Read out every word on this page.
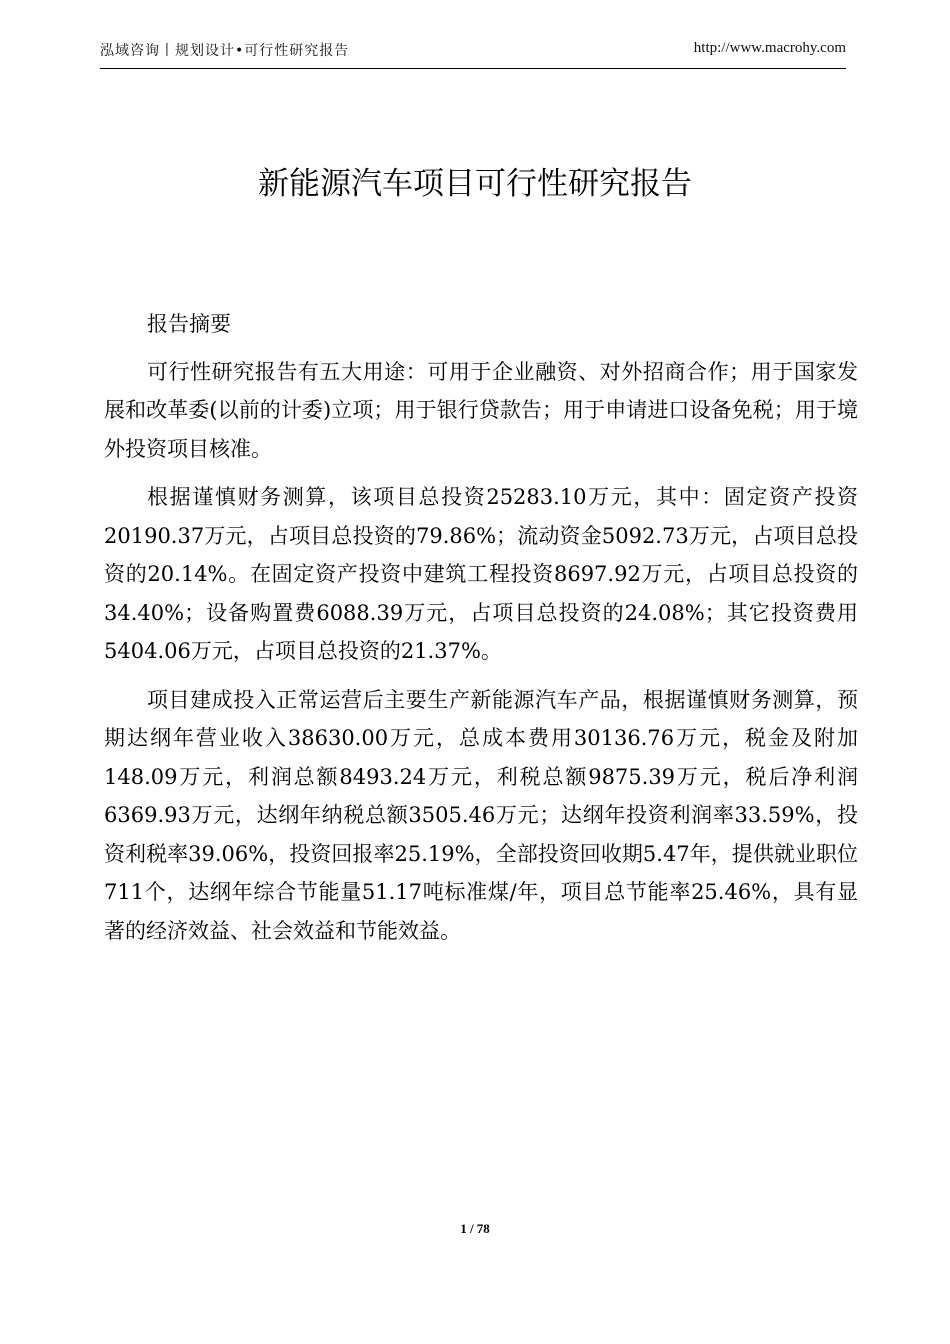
泓域咨询丨规划设计•可行性研究报告	http://www.macrohy.com
新能源汽车项目可行性研究报告

报告摘要

可行性研究报告有五大用途：可用于企业融资、对外招商合作；用于国家发展和改革委(以前的计委)立项；用于银行贷款告；用于申请进口设备免税；用于境外投资项目核准。

根据谨慎财务测算，该项目总投资25283.10万元，其中：固定资产投资20190.37万元，占项目总投资的79.86%；流动资金5092.73万元，占项目总投资的20.14%。在固定资产投资中建筑工程投资8697.92万元，占项目总投资的34.40%；设备购置费6088.39万元，占项目总投资的24.08%；其它投资费用5404.06万元，占项目总投资的21.37%。

项目建成投入正常运营后主要生产新能源汽车产品，根据谨慎财务测算，预期达纲年营业收入38630.00万元，总成本费用30136.76万元，税金及附加148.09万元，利润总额8493.24万元，利税总额9875.39万元，税后净利润6369.93万元，达纲年纳税总额3505.46万元；达纲年投资利润率33.59%，投资利税率39.06%，投资回报率25.19%，全部投资回收期5.47年，提供就业职位711个，达纲年综合节能量51.17吨标准煤/年，项目总节能率25.46%，具有显著的经济效益、社会效益和节能效益。

1 / 78
